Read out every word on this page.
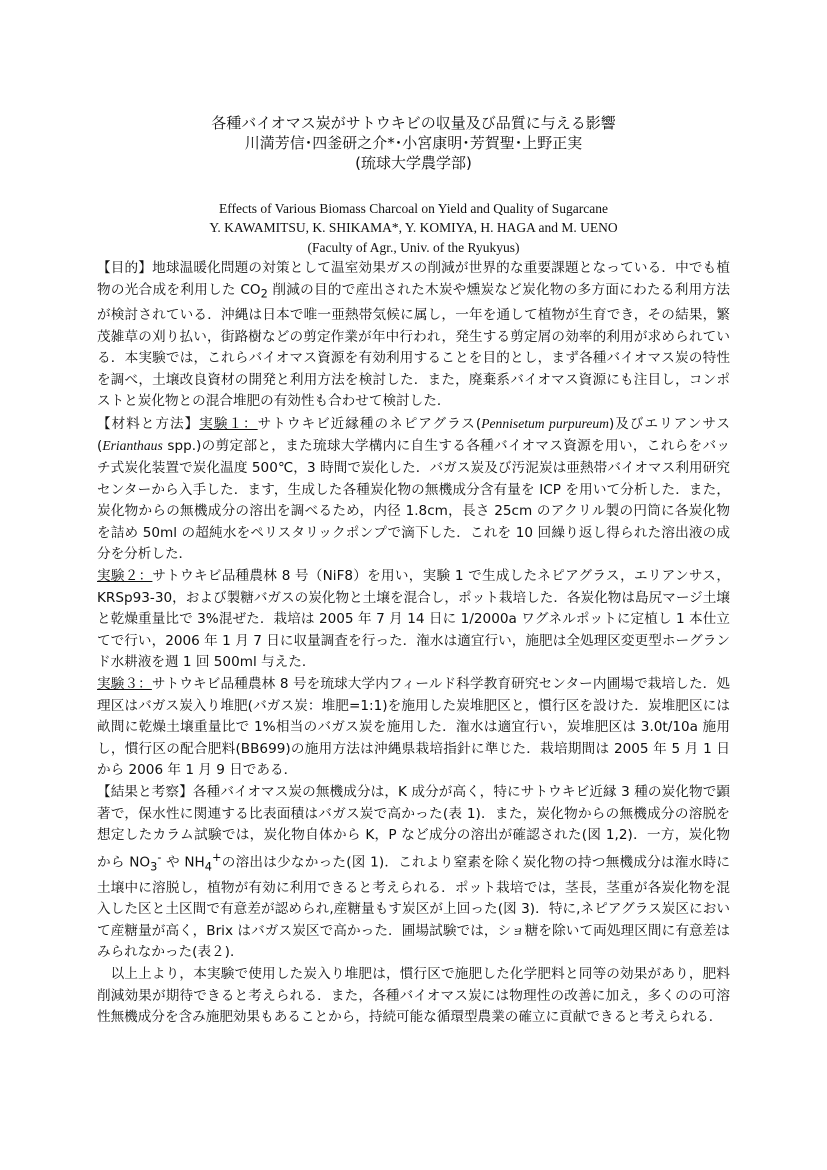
各種バイオマス炭がサトウキビの収量及び品質に与える影響
川満芳信･四釜研之介*･小宮康明･芳賀聖･上野正実
(琉球大学農学部)
Effects of Various Biomass Charcoal on Yield and Quality of Sugarcane
Y. KAWAMITSU, K. SHIKAMA*, Y. KOMIYA, H. HAGA and M. UENO
(Faculty of Agr., Univ. of the Ryukyus)

【目的】地球温暖化問題の対策として温室効果ガスの削減が世界的な重要課題となっている．中でも植物の光合成を利用した $CO_2$ 削減の目的で産出された木炭や燻炭など炭化物の多方面にわたる利用方法が検討されている．沖縄は日本で唯一亜熱帯気候に属し，一年を通して植物が生育でき，その結果，繁茂雑草の刈り払い，街路樹などの剪定作業が年中行われ，発生する剪定屑の効率的利用が求められている．本実験では，これらバイオマス資源を有効利用することを目的とし，まず各種バイオマス炭の特性を調べ，土壌改良資材の開発と利用方法を検討した．また，廃棄系バイオマス資源にも注目し，コンポストと炭化物との混合堆肥の有効性も合わせて検討した．

【材料と方法】実験１：サトウキビ近縁種のネピアグラス(Pennisetum purpureum)及びエリアンサス(Erianthaus spp.)の剪定部と，また琉球大学構内に自生する各種バイオマス資源を用い，これらをバッチ式炭化装置で炭化温度 500℃，3 時間で炭化した．バガス炭及び汚泥炭は亜熱帯バイオマス利用研究センターから入手した．ます，生成した各種炭化物の無機成分含有量を ICP を用いて分析した．また，炭化物からの無機成分の溶出を調べるため，内径 1.8cm，長さ 25cm のアクリル製の円筒に各炭化物を詰め 50ml の超純水をペリスタリックポンプで滴下した．これを 10 回繰り返し得られた溶出液の成分を分析した．

実験２：サトウキビ品種農林 8 号（NiF8）を用い，実験 1 で生成したネピアグラス，エリアンサス，KRSp93-30，および製糖バガスの炭化物と土壌を混合し，ポット栽培した．各炭化物は島尻マージ土壌と乾燥重量比で 3%混ぜた．栽培は 2005 年 7 月 14 日に 1/2000a ワグネルポットに定植し 1 本仕立てで行い，2006 年 1 月 7 日に収量調査を行った．潅水は適宜行い，施肥は全処理区変更型ホーグランド水耕液を週 1 回 500ml 与えた．

実験３：サトウキビ品種農林 8 号を琉球大学内フィールド科学教育研究センター内圃場で栽培した．処理区はバガス炭入り堆肥(バガス炭：堆肥=1:1)を施用した炭堆肥区と，慣行区を設けた．炭堆肥区には畝間に乾燥土壌重量比で 1%相当のバガス炭を施用した．潅水は適宜行い，炭堆肥区は 3.0t/10a 施用し，慣行区の配合肥料(BB699)の施用方法は沖縄県栽培指針に準じた．栽培期間は 2005 年 5 月 1 日から 2006 年 1 月 9 日である．

【結果と考察】各種バイオマス炭の無機成分は，K 成分が高く，特にサトウキビ近縁 3 種の炭化物で顕著で，保水性に関連する比表面積はバガス炭で高かった(表 1)．また，炭化物からの無機成分の溶脱を想定したカラム試験では，炭化物自体から K，P など成分の溶出が確認された(図 1,2)．一方，炭化物から $NO_3^-$ や $NH_4^+$の溶出は少なかった(図 1)．これより窒素を除く炭化物の持つ無機成分は潅水時に土壌中に溶脱し，植物が有効に利用できると考えられる．ポット栽培では，茎長，茎重が各炭化物を混入した区と土区間で有意差が認められ,産糖量もす炭区が上回った(図 3)．特に,ネピアグラス炭区において産糖量が高く，Brix はバガス炭区で高かった．圃場試験では，ショ糖を除いて両処理区間に有意差はみられなかった(表２)．

以上上より，本実験で使用した炭入り堆肥は，慣行区で施肥した化学肥料と同等の効果があり，肥料削減効果が期待できると考えられる．また，各種バイオマス炭には物理性の改善に加え，多くのの可溶性無機成分を含み施肥効果もあることから，持続可能な循環型農業の確立に貢献できると考えられる．
